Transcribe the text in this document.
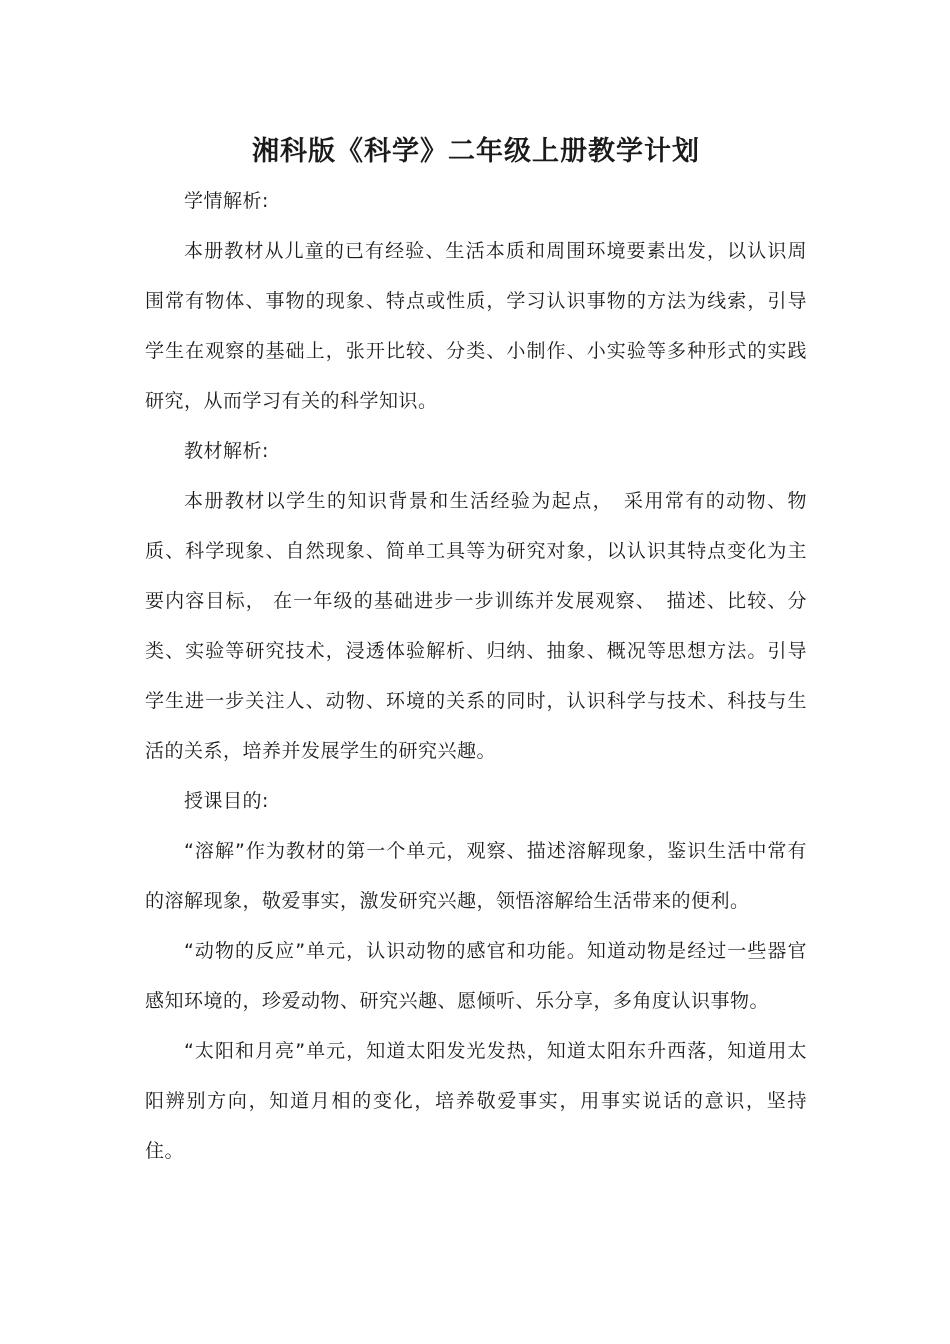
湘科版《科学》二年级上册教学计划

学情解析:

本册教材从儿童的已有经验、生活本质和周围环境要素出发，以认识周围常有物体、事物的现象、特点或性质，学习认识事物的方法为线索，引导学生在观察的基础上，张开比较、分类、小制作、小实验等多种形式的实践研究，从而学习有关的科学知识。

教材解析:

本册教材以学生的知识背景和生活经验为起点，　采用常有的动物、物质、科学现象、自然现象、简单工具等为研究对象，以认识其特点变化为主要内容目标， 在一年级的基础进步一步训练并发展观察、　描述、比较、分类、实验等研究技术，浸透体验解析、归纳、抽象、概况等思想方法。引导学生进一步关注人、动物、环境的关系的同时，认识科学与技术、科技与生活的关系，培养并发展学生的研究兴趣。

授课目的:

“溶解”作为教材的第一个单元，观察、描述溶解现象，鉴识生活中常有的溶解现象，敬爱事实，激发研究兴趣，领悟溶解给生活带来的便利。

“动物的反应”单元，认识动物的感官和功能。知道动物是经过一些器官感知环境的，珍爱动物、研究兴趣、愿倾听、乐分享，多角度认识事物。

“太阳和月亮”单元，知道太阳发光发热，知道太阳东升西落，知道用太阳辨别方向，知道月相的变化，培养敬爱事实，用事实说话的意识，坚持住。
